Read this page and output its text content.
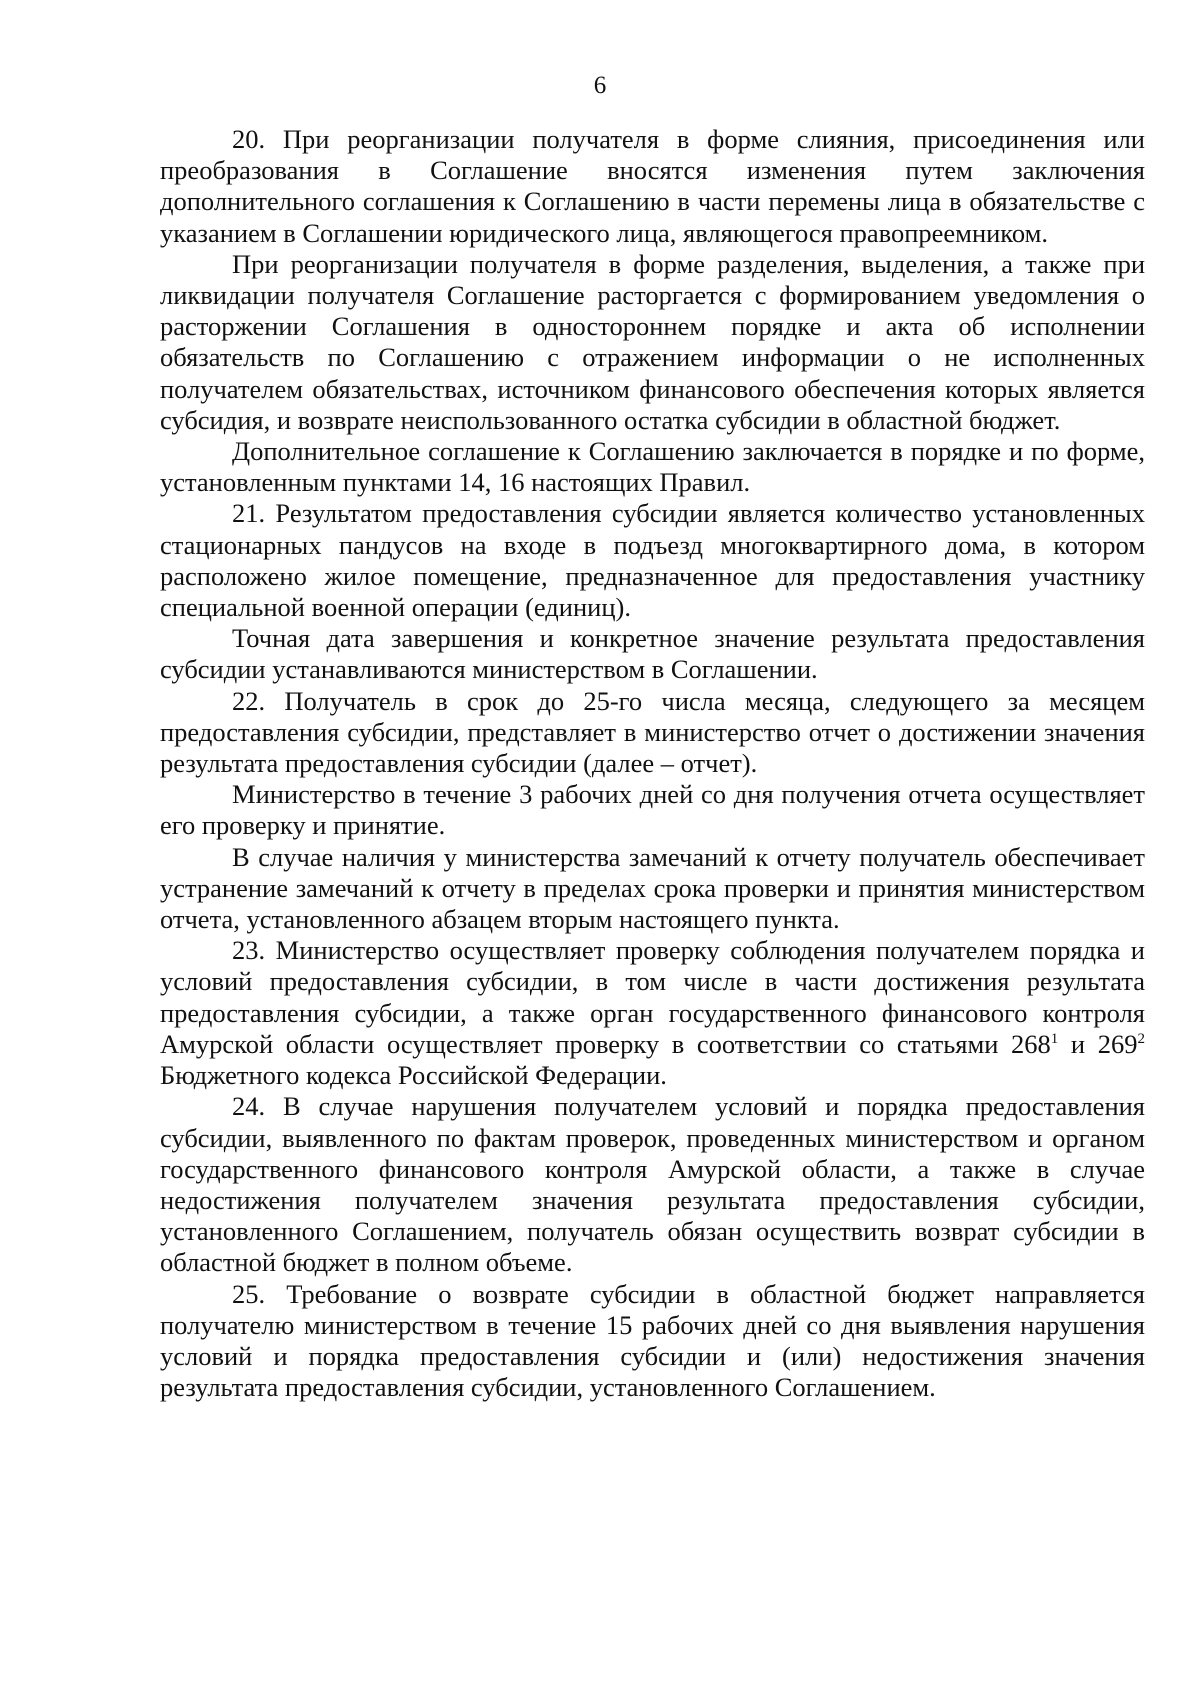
6

20. При реорганизации получателя в форме слияния, присоединения или преобразования в Соглашение вносятся изменения путем заключения дополнительного соглашения к Соглашению в части перемены лица в обязательстве с указанием в Соглашении юридического лица, являющегося правопреемником.

При реорганизации получателя в форме разделения, выделения, а также при ликвидации получателя Соглашение расторгается с формированием уведомления о расторжении Соглашения в одностороннем порядке и акта об исполнении обязательств по Соглашению с отражением информации о не исполненных получателем обязательствах, источником финансового обеспечения которых является субсидия, и возврате неиспользованного остатка субсидии в областной бюджет.

Дополнительное соглашение к Соглашению заключается в порядке и по форме, установленным пунктами 14, 16 настоящих Правил.

21. Результатом предоставления субсидии является количество установленных стационарных пандусов на входе в подъезд многоквартирного дома, в котором расположено жилое помещение, предназначенное для предоставления участнику специальной военной операции (единиц).

Точная дата завершения и конкретное значение результата предоставления субсидии устанавливаются министерством в Соглашении.

22. Получатель в срок до 25-го числа месяца, следующего за месяцем предоставления субсидии, представляет в министерство отчет о достижении значения результата предоставления субсидии (далее – отчет).

Министерство в течение 3 рабочих дней со дня получения отчета осуществляет его проверку и принятие.

В случае наличия у министерства замечаний к отчету получатель обеспечивает устранение замечаний к отчету в пределах срока проверки и принятия министерством отчета, установленного абзацем вторым настоящего пункта.

23. Министерство осуществляет проверку соблюдения получателем порядка и условий предоставления субсидии, в том числе в части достижения результата предоставления субсидии, а также орган государственного финансового контроля Амурской области осуществляет проверку в соответствии со статьями $268^1$ и $269^2$ Бюджетного кодекса Российской Федерации.

24. В случае нарушения получателем условий и порядка предоставления субсидии, выявленного по фактам проверок, проведенных министерством и органом государственного финансового контроля Амурской области, а также в случае недостижения получателем значения результата предоставления субсидии, установленного Соглашением, получатель обязан осуществить возврат субсидии в областной бюджет в полном объеме.

25. Требование о возврате субсидии в областной бюджет направляется получателю министерством в течение 15 рабочих дней со дня выявления нарушения условий и порядка предоставления субсидии и (или) недостижения значения результата предоставления субсидии, установленного Соглашением.
